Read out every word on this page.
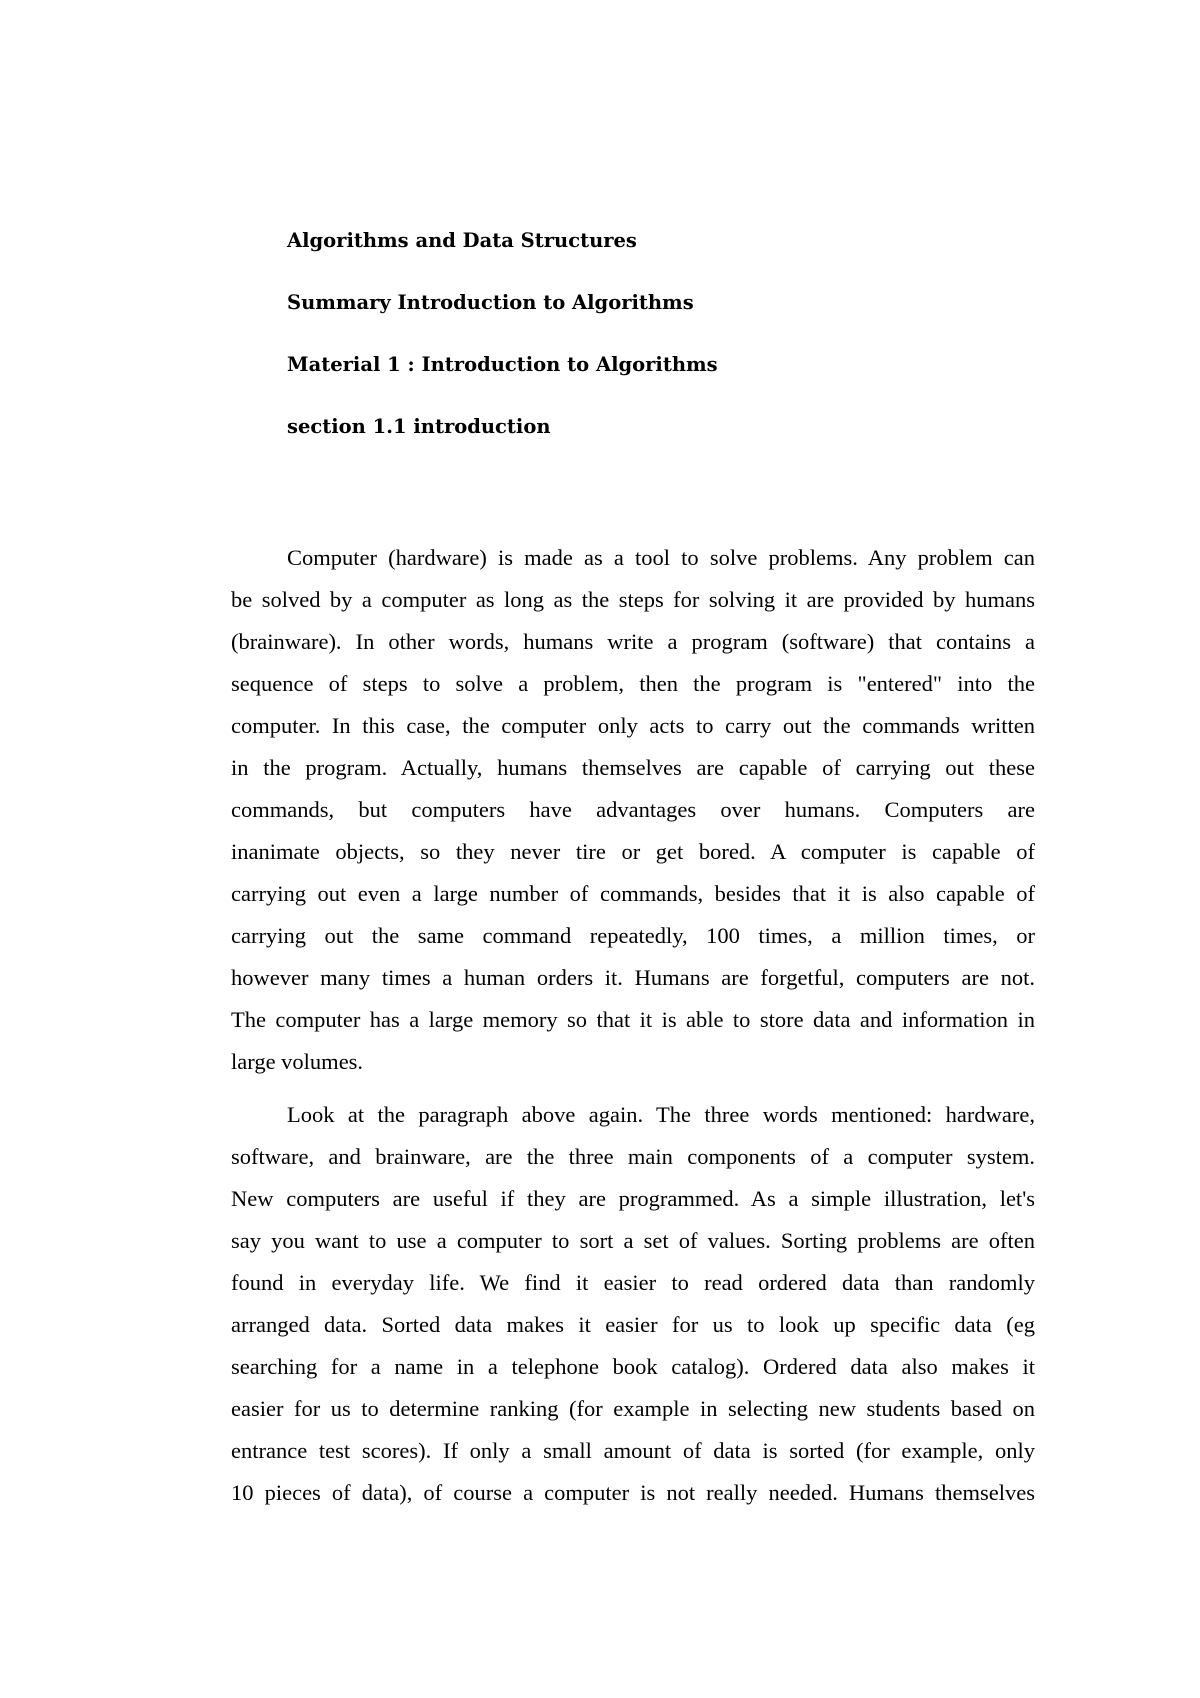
Algorithms and Data Structures
Summary Introduction to Algorithms
Material 1 : Introduction to Algorithms
section 1.1 introduction

Computer (hardware) is made as a tool to solve problems. Any problem can
be solved by a computer as long as the steps for solving it are provided by humans
(brainware). In other words, humans write a program (software) that contains a
sequence of steps to solve a problem, then the program is "entered" into the
computer. In this case, the computer only acts to carry out the commands written
in the program. Actually, humans themselves are capable of carrying out these
commands, but computers have advantages over humans. Computers are
inanimate objects, so they never tire or get bored. A computer is capable of
carrying out even a large number of commands, besides that it is also capable of
carrying out the same command repeatedly, 100 times, a million times, or
however many times a human orders it. Humans are forgetful, computers are not.
The computer has a large memory so that it is able to store data and information in
large volumes.

Look at the paragraph above again. The three words mentioned: hardware,
software, and brainware, are the three main components of a computer system.
New computers are useful if they are programmed. As a simple illustration, let's
say you want to use a computer to sort a set of values. Sorting problems are often
found in everyday life. We find it easier to read ordered data than randomly
arranged data. Sorted data makes it easier for us to look up specific data (eg
searching for a name in a telephone book catalog). Ordered data also makes it
easier for us to determine ranking (for example in selecting new students based on
entrance test scores). If only a small amount of data is sorted (for example, only
10 pieces of data), of course a computer is not really needed. Humans themselves
